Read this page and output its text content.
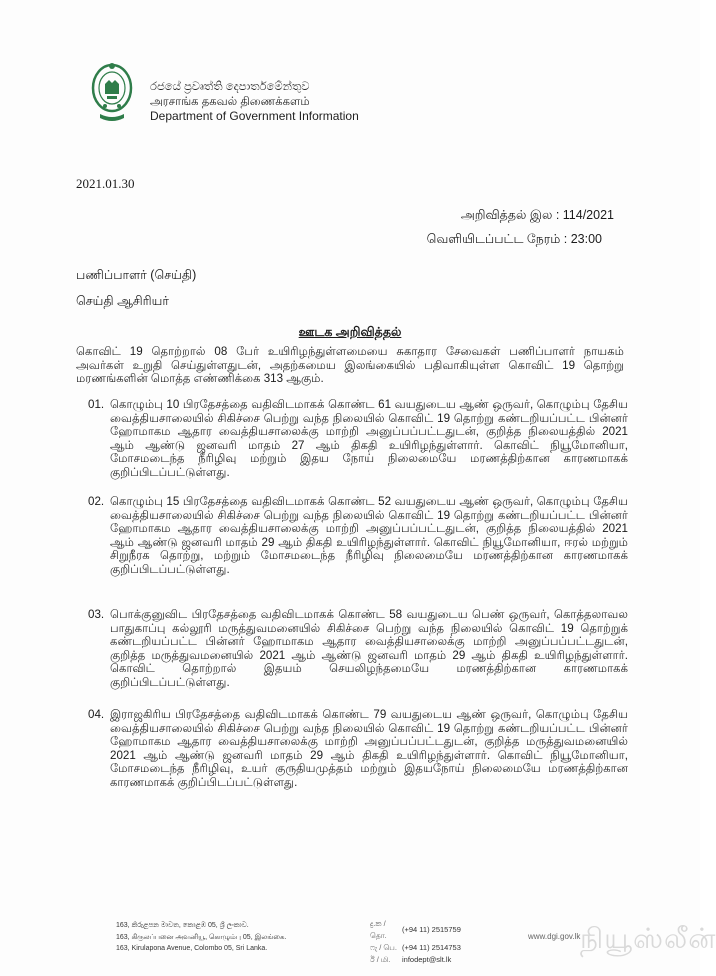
රජයේ ප්‍රවෘත්ති දෙපාර්තමේන්තුව
அரசாங்க தகவல் திணைக்களம்
Department of Government Information
2021.01.30
அறிவித்தல் இல : 114/2021
வெளியிடப்பட்ட நேரம் : 23:00
பணிப்பாளர் (செய்தி)
செய்தி ஆசிரியர்
ஊடக அறிவித்தல்
கொவிட் 19 தொற்றால் 08 பேர் உயிரிழந்துள்ளமையை சுகாதார சேவைகள் பணிப்பாளர் நாயகம் அவர்கள் உறுதி செய்துள்ளதுடன், அதற்கமைய இலங்கையில் பதிவாகியுள்ள கொவிட் 19 தொற்று மரணங்களின் மொத்த எண்ணிக்கை 313 ஆகும்.
01. கொழும்பு 10 பிரதேசத்தை வதிவிடமாகக் கொண்ட 61 வயதுடைய ஆண் ஒருவர், கொழும்பு தேசிய வைத்தியசாலையில் சிகிச்சை பெற்று வந்த நிலையில் கொவிட் 19 தொற்று கண்டறியப்பட்ட பின்னர் ஹோமாகம ஆதார வைத்தியசாலைக்கு மாற்றி அனுப்பப்பட்டதுடன், குறித்த நிலையத்தில் 2021 ஆம் ஆண்டு ஜனவரி மாதம் 27 ஆம் திகதி உயிரிழந்துள்ளார். கொவிட் நியூமோனியா, மோசமடைந்த நீரிழிவு மற்றும் இதய நோய் நிலைமையே மரணத்திற்கான காரணமாகக் குறிப்பிடப்பட்டுள்ளது.
02. கொழும்பு 15 பிரதேசத்தை வதிவிடமாகக் கொண்ட 52 வயதுடைய ஆண் ஒருவர், கொழும்பு தேசிய வைத்தியசாலையில் சிகிச்சை பெற்று வந்த நிலையில் கொவிட் 19 தொற்று கண்டறியப்பட்ட பின்னர் ஹோமாகம ஆதார வைத்தியசாலைக்கு மாற்றி அனுப்பப்பட்டதுடன், குறித்த நிலையத்தில் 2021 ஆம் ஆண்டு ஜனவரி மாதம் 29 ஆம் திகதி உயிரிழந்துள்ளார். கொவிட் நியூமோனியா, ஈரல் மற்றும் சிறுநீரக தொற்று, மற்றும் மோசமடைந்த நீரிழிவு நிலைமையே மரணத்திற்கான காரணமாகக் குறிப்பிடப்பட்டுள்ளது.
03. பொக்குனுவிட பிரதேசத்தை வதிவிடமாகக் கொண்ட 58 வயதுடைய பெண் ஒருவர், கொத்தலாவல பாதுகாப்பு கல்லூரி மருத்துவமனையில் சிகிச்சை பெற்று வந்த நிலையில் கொவிட் 19 தொற்றுக் கண்டறியப்பட்ட பின்னர் ஹோமாகம ஆதார வைத்தியசாலைக்கு மாற்றி அனுப்பப்பட்டதுடன், குறித்த மருத்துவமனையில் 2021 ஆம் ஆண்டு ஜனவரி மாதம் 29 ஆம் திகதி உயிரிழந்துள்ளார். கொவிட் தொற்றால் இதயம் செயலிழந்தமையே மரணத்திற்கான காரணமாகக் குறிப்பிடப்பட்டுள்ளது.
04. இராஜகிரிய பிரதேசத்தை வதிவிடமாகக் கொண்ட 79 வயதுடைய ஆண் ஒருவர், கொழும்பு தேசிய வைத்தியசாலையில் சிகிச்சை பெற்று வந்த நிலையில் கொவிட் 19 தொற்று கண்டறியப்பட்ட பின்னர் ஹோமாகம ஆதார வைத்தியசாலைக்கு மாற்றி அனுப்பப்பட்டதுடன், குறித்த மருத்துவமனையில் 2021 ஆம் ஆண்டு ஜனவரி மாதம் 29 ஆம் திகதி உயிரிழந்துள்ளார். கொவிட் நியூமோனியா, மோசமடைந்த நீரிழிவு, உயர் குருதியமுத்தம் மற்றும் இதயநோய் நிலைமையே மரணத்திற்கான காரணமாகக் குறிப்பிடப்பட்டுள்ளது.
163, කිරුළපන මාවත, කොළඹ 05, ශ්‍රී ලංකාව.
163, கிருலப்பனை அவனியூ, கொழும்பு 05, இலங்கை.
163, Kirulapona Avenue, Colombo 05, Sri Lanka.
දු.ක / தொ.
(+94 11) 2515759
ෆැ / பெ. (+94 11) 2514753
ඊ / மி.	infodept@slt.lk
www.dgi.gov.lk நியூஸ்லீன்
